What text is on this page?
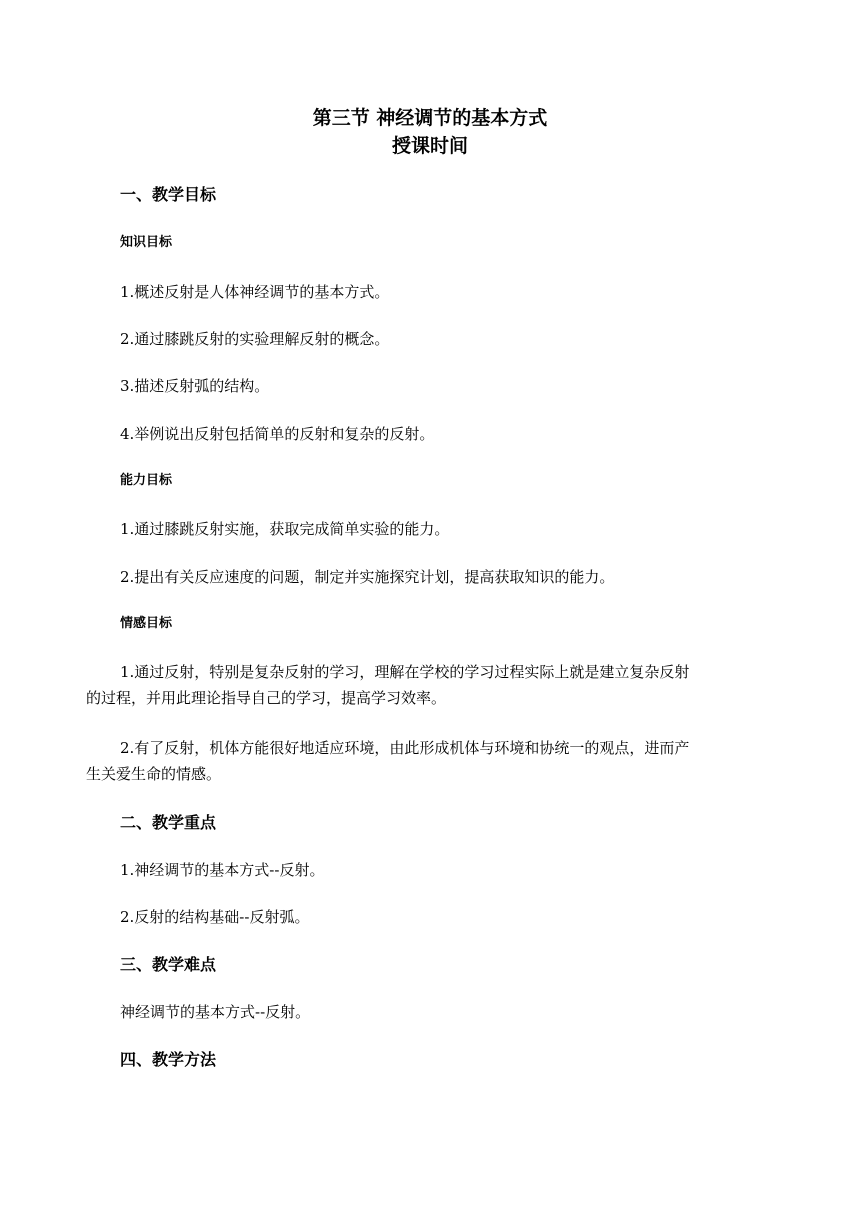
第三节 神经调节的基本方式
授课时间
一、教学目标
知识目标
1.概述反射是人体神经调节的基本方式。
2.通过膝跳反射的实验理解反射的概念。
3.描述反射弧的结构。
4.举例说出反射包括简单的反射和复杂的反射。
能力目标
1.通过膝跳反射实施，获取完成简单实验的能力。
2.提出有关反应速度的问题，制定并实施探究计划，提高获取知识的能力。
情感目标
1.通过反射，特别是复杂反射的学习，理解在学校的学习过程实际上就是建立复杂反射
的过程，并用此理论指导自己的学习，提高学习效率。
2.有了反射，机体方能很好地适应环境，由此形成机体与环境和协统一的观点，进而产
生关爱生命的情感。
二、教学重点
1.神经调节的基本方式--反射。
2.反射的结构基础--反射弧。
三、教学难点
神经调节的基本方式--反射。
四、教学方法
